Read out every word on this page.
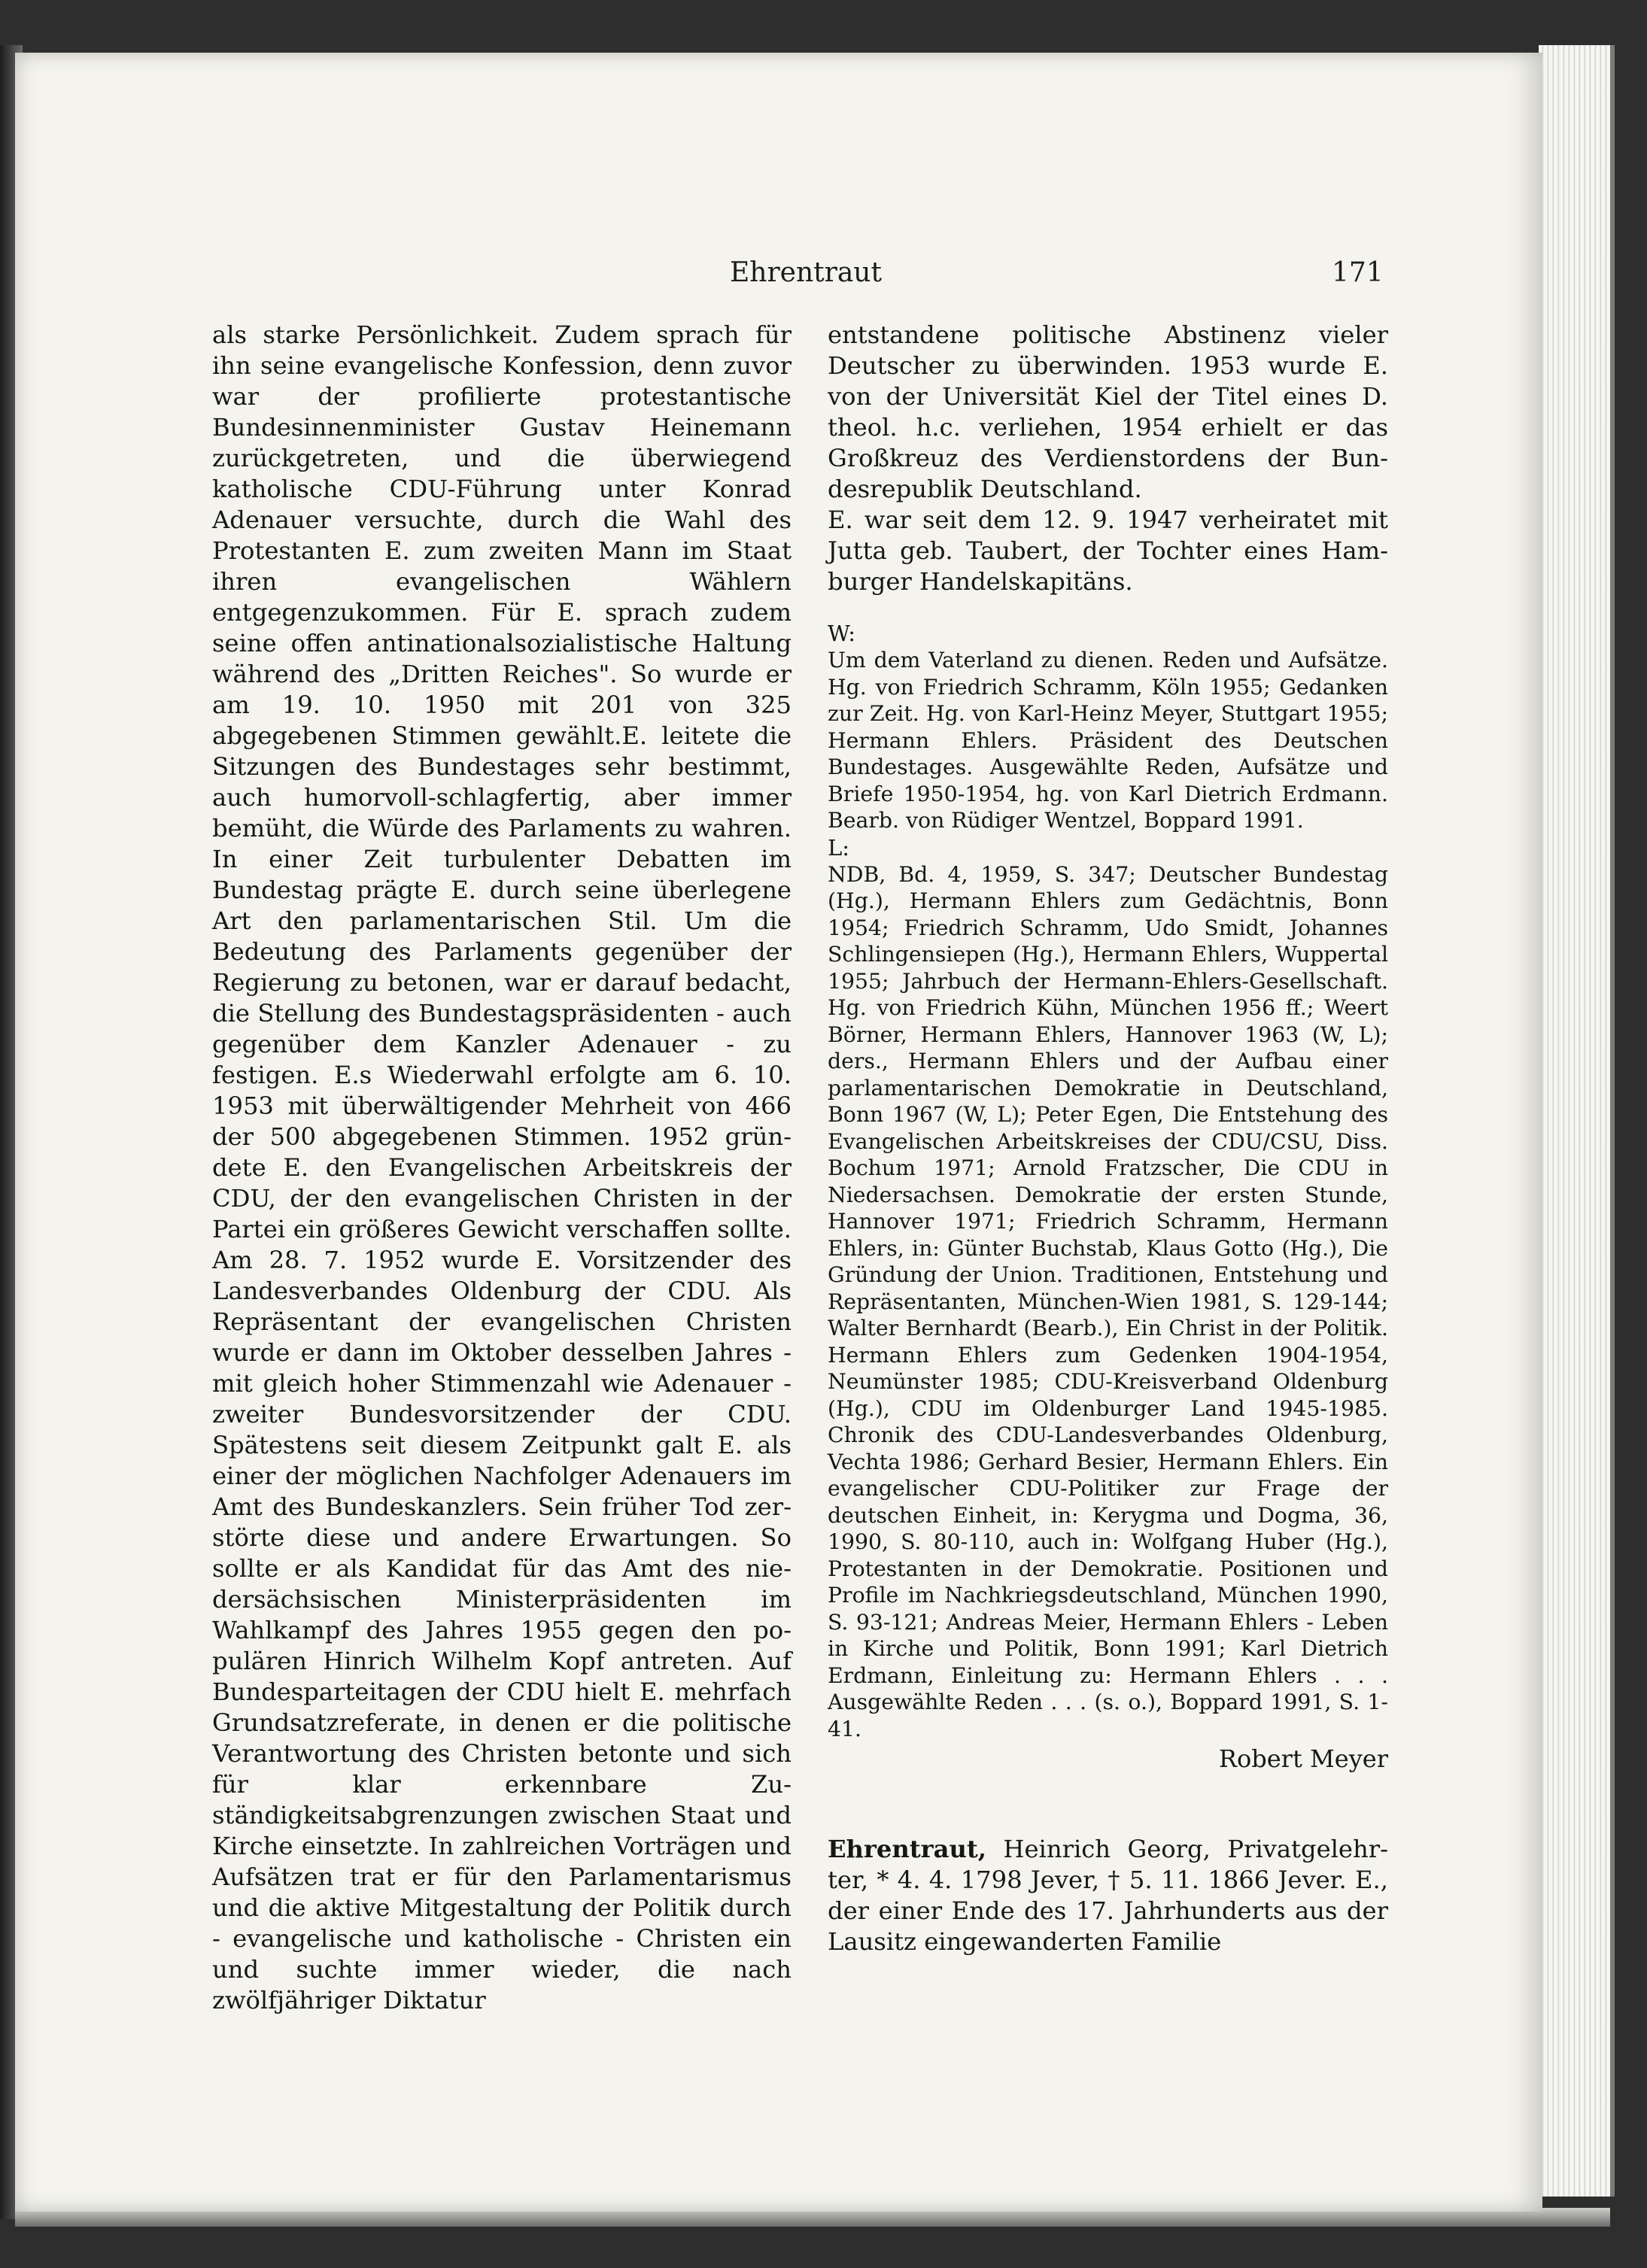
Ehrentraut	171

als starke Persönlichkeit. Zudem sprach für ihn seine evangelische Konfession, denn zuvor war der profilierte protestantische Bundesinnenminister Gustav Heinemann zurückgetreten, und die überwiegend katholische CDU-Führung unter Konrad Adenauer versuchte, durch die Wahl des Protestanten E. zum zweiten Mann im Staat ihren evangelischen Wählern entgegenzukommen. Für E. sprach zudem seine offen antinationalsozialistische Haltung während des „Dritten Reiches". So wurde er am 19. 10. 1950 mit 201 von 325 abgegebenen Stimmen gewählt.E. leitete die Sitzungen des Bundestages sehr bestimmt, auch humorvoll-schlagfertig, aber immer bemüht, die Würde des Parlaments zu wahren. In einer Zeit turbulenter Debatten im Bundestag prägte E. durch seine überlegene Art den parlamentarischen Stil. Um die Bedeutung des Parlaments gegenüber der Regierung zu betonen, war er darauf bedacht, die Stellung des Bundestagspräsidenten - auch gegenüber dem Kanzler Adenauer - zu festigen. E.s Wiederwahl erfolgte am 6. 10. 1953 mit überwältigender Mehrheit von 466 der 500 abgegebenen Stimmen. 1952 gründete E. den Evangelischen Arbeitskreis der CDU, der den evangelischen Christen in der Partei ein größeres Gewicht verschaffen sollte. Am 28. 7. 1952 wurde E. Vorsitzender des Landesverbandes Oldenburg der CDU. Als Repräsentant der evangelischen Christen wurde er dann im Oktober desselben Jahres - mit gleich hoher Stimmenzahl wie Adenauer - zweiter Bundesvorsitzender der CDU. Spätestens seit diesem Zeitpunkt galt E. als einer der möglichen Nachfolger Adenauers im Amt des Bundeskanzlers. Sein früher Tod zerstörte diese und andere Erwartungen. So sollte er als Kandidat für das Amt des niedersächsischen Ministerpräsidenten im Wahlkampf des Jahres 1955 gegen den populären Hinrich Wilhelm Kopf antreten. Auf Bundesparteitagen der CDU hielt E. mehrfach Grundsatzreferate, in denen er die politische Verantwortung des Christen betonte und sich für klar erkennbare Zuständigkeitsabgrenzungen zwischen Staat und Kirche einsetzte. In zahlreichen Vorträgen und Aufsätzen trat er für den Parlamentarismus und die aktive Mitgestaltung der Politik durch - evangelische und katholische - Christen ein und suchte immer wieder, die nach zwölfjähriger Diktatur

entstandene politische Abstinenz vieler Deutscher zu überwinden. 1953 wurde E. von der Universität Kiel der Titel eines D. theol. h.c. verliehen, 1954 erhielt er das Großkreuz des Verdienstordens der Bundesrepublik Deutschland.

E. war seit dem 12. 9. 1947 verheiratet mit Jutta geb. Taubert, der Tochter eines Hamburger Handelskapitäns.

W:

Um dem Vaterland zu dienen. Reden und Aufsätze. Hg. von Friedrich Schramm, Köln 1955; Gedanken zur Zeit. Hg. von Karl-Heinz Meyer, Stuttgart 1955; Hermann Ehlers. Präsident des Deutschen Bundestages. Ausgewählte Reden, Aufsätze und Briefe 1950-1954, hg. von Karl Dietrich Erdmann. Bearb. von Rüdiger Wentzel, Boppard 1991.

L:

NDB, Bd. 4, 1959, S. 347; Deutscher Bundestag (Hg.), Hermann Ehlers zum Gedächtnis, Bonn 1954; Friedrich Schramm, Udo Smidt, Johannes Schlingensiepen (Hg.), Hermann Ehlers, Wuppertal 1955; Jahrbuch der Hermann-Ehlers-Gesellschaft. Hg. von Friedrich Kühn, München 1956 ff.; Weert Börner, Hermann Ehlers, Hannover 1963 (W, L); ders., Hermann Ehlers und der Aufbau einer parlamentarischen Demokratie in Deutschland, Bonn 1967 (W, L); Peter Egen, Die Entstehung des Evangelischen Arbeitskreises der CDU/CSU, Diss. Bochum 1971; Arnold Fratzscher, Die CDU in Niedersachsen. Demokratie der ersten Stunde, Hannover 1971; Friedrich Schramm, Hermann Ehlers, in: Günter Buchstab, Klaus Gotto (Hg.), Die Gründung der Union. Traditionen, Entstehung und Repräsentanten, München-Wien 1981, S. 129-144; Walter Bernhardt (Bearb.), Ein Christ in der Politik. Hermann Ehlers zum Gedenken 1904-1954, Neumünster 1985; CDU-Kreisverband Oldenburg (Hg.), CDU im Oldenburger Land 1945-1985. Chronik des CDU-Landesverbandes Oldenburg, Vechta 1986; Gerhard Besier, Hermann Ehlers. Ein evangelischer CDU-Politiker zur Frage der deutschen Einheit, in: Kerygma und Dogma, 36, 1990, S. 80-110, auch in: Wolfgang Huber (Hg.), Protestanten in der Demokratie. Positionen und Profile im Nachkriegsdeutschland, München 1990, S. 93-121; Andreas Meier, Hermann Ehlers - Leben in Kirche und Politik, Bonn 1991; Karl Dietrich Erdmann, Einleitung zu: Hermann Ehlers . . . Ausgewählte Reden . . . (s. o.), Boppard 1991, S. 1-41.

Robert Meyer

Ehrentraut, Heinrich Georg, Privatgelehrter, * 4. 4. 1798 Jever, † 5. 11. 1866 Jever. E., der einer Ende des 17. Jahrhunderts aus der Lausitz eingewanderten Familie
